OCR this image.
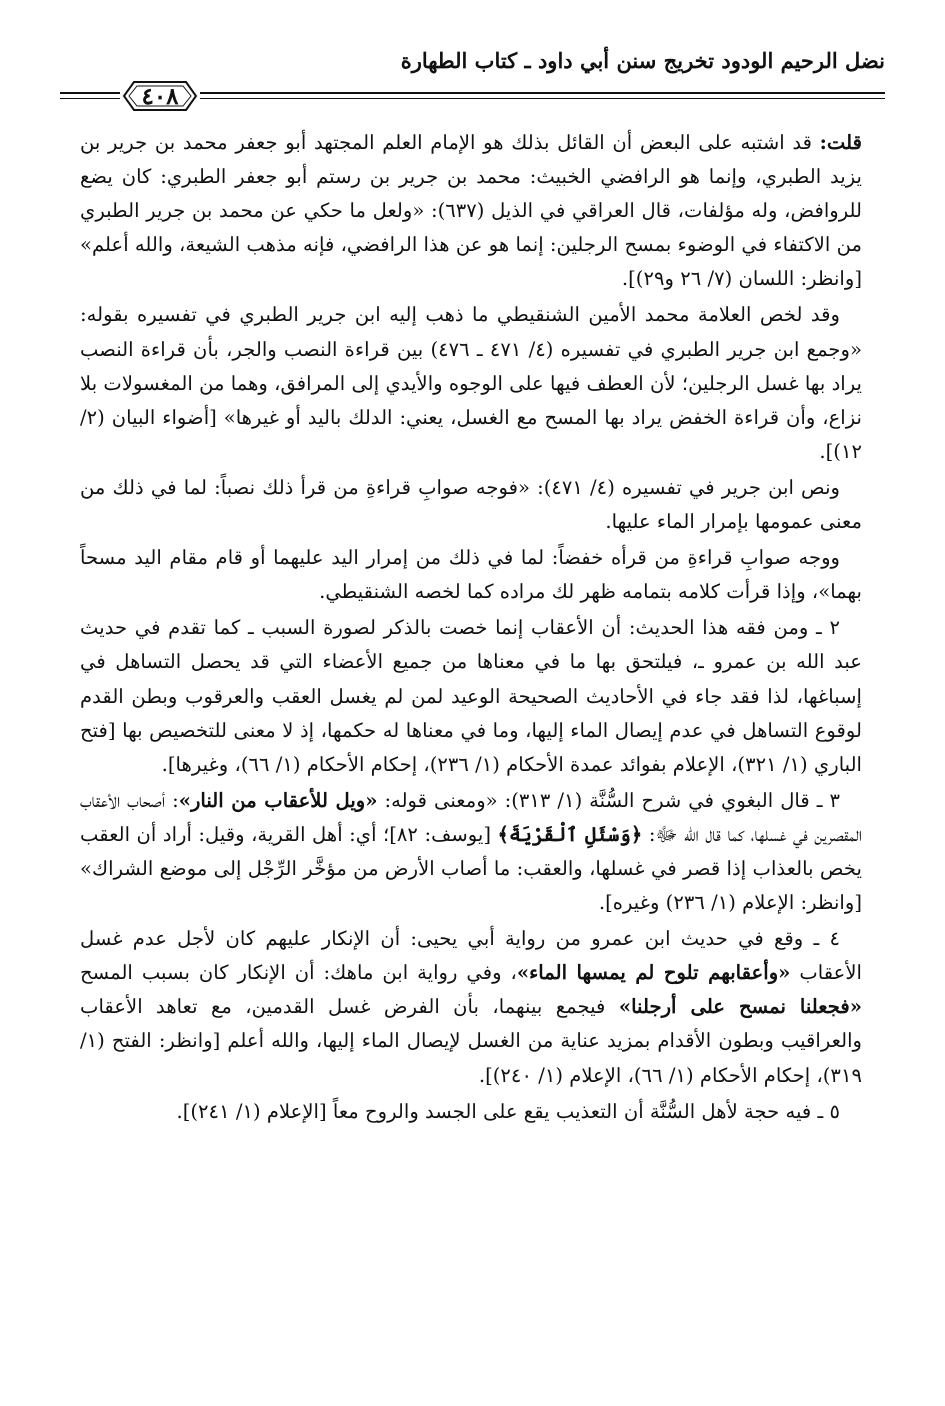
نضل الرحيم الودود تخريج سنن أبي داود ـ كتاب الطهارة
٤٠٨

قلت: قد اشتبه على البعض أن القائل بذلك هو الإمام العلم المجتهد أبو جعفر محمد بن جرير بن يزيد الطبري، وإنما هو الرافضي الخبيث: محمد بن جرير بن رستم أبو جعفر الطبري: كان يضع للروافض، وله مؤلفات، قال العراقي في الذيل (٦٣٧): «ولعل ما حكي عن محمد بن جرير الطبري من الاكتفاء في الوضوء بمسح الرجلين: إنما هو عن هذا الرافضي، فإنه مذهب الشيعة، والله أعلم» [وانظر: اللسان (٧/ ٢٦ و٢٩)].

وقد لخص العلامة محمد الأمين الشنقيطي ما ذهب إليه ابن جرير الطبري في تفسيره بقوله: «وجمع ابن جرير الطبري في تفسيره (٤/ ٤٧١ ـ ٤٧٦) بين قراءة النصب والجر، بأن قراءة النصب يراد بها غسل الرجلين؛ لأن العطف فيها على الوجوه والأيدي إلى المرافق، وهما من المغسولات بلا نزاع، وأن قراءة الخفض يراد بها المسح مع الغسل، يعني: الدلك باليد أو غيرها» [أضواء البيان (٢/ ١٢)].

ونص ابن جرير في تفسيره (٤/ ٤٧١): «فوجه صوابِ قراءةِ من قرأ ذلك نصباً: لما في ذلك من معنى عمومها بإمرار الماء عليها.

ووجه صوابِ قراءةِ من قرأه خفضاً: لما في ذلك من إمرار اليد عليهما أو قام مقام اليد مسحاً بهما»، وإذا قرأت كلامه بتمامه ظهر لك مراده كما لخصه الشنقيطي.

٢ ـ ومن فقه هذا الحديث: أن الأعقاب إنما خصت بالذكر لصورة السبب ـ كما تقدم في حديث عبد الله بن عمرو ـ، فيلتحق بها ما في معناها من جميع الأعضاء التي قد يحصل التساهل في إسباغها، لذا فقد جاء في الأحاديث الصحيحة الوعيد لمن لم يغسل العقب والعرقوب وبطن القدم لوقوع التساهل في عدم إيصال الماء إليها، وما في معناها له حكمها، إذ لا معنى للتخصيص بها [فتح الباري (١/ ٣٢١)، الإعلام بفوائد عمدة الأحكام (١/ ٢٣٦)، إحكام الأحكام (١/ ٦٦)، وغيرها].

٣ ـ قال البغوي في شرح السُّنَّة (١/ ٣١٣): «ومعنى قوله: «ويل للأعقاب من النار»: أصحاب الأعقاب المقصرين في غسلها، كما قال الله ﷻ: ﴿وَسْئَلِ ٱلْقَرْيَةَ﴾ [يوسف: ٨٢]؛ أي: أهل القرية، وقيل: أراد أن العقب يخص بالعذاب إذا قصر في غسلها، والعقب: ما أصاب الأرض من مؤخَّر الرِّجْل إلى موضع الشراك» [وانظر: الإعلام (١/ ٢٣٦) وغيره].

٤ ـ وقع في حديث ابن عمرو من رواية أبي يحيى: أن الإنكار عليهم كان لأجل عدم غسل الأعقاب «وأعقابهم تلوح لم يمسها الماء»، وفي رواية ابن ماهك: أن الإنكار كان بسبب المسح «فجعلنا نمسح على أرجلنا» فيجمع بينهما، بأن الفرض غسل القدمين، مع تعاهد الأعقاب والعراقيب وبطون الأقدام بمزيد عناية من الغسل لإيصال الماء إليها، والله أعلم [وانظر: الفتح (١/ ٣١٩)، إحكام الأحكام (١/ ٦٦)، الإعلام (١/ ٢٤٠)].

٥ ـ فيه حجة لأهل السُّنَّة أن التعذيب يقع على الجسد والروح معاً [الإعلام (١/ ٢٤١)].
